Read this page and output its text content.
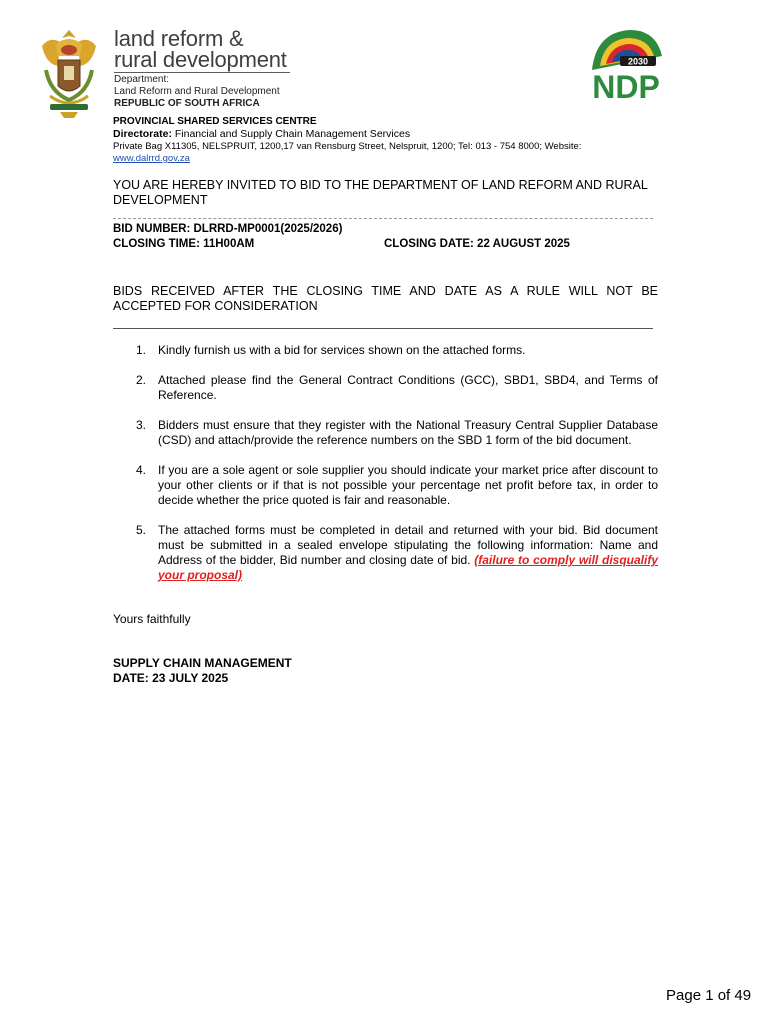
land reform &
rural development
Department:
Land Reform and Rural Development
REPUBLIC OF SOUTH AFRICA
2030
NDP
PROVINCIAL SHARED SERVICES CENTRE
Directorate: Financial and Supply Chain Management Services
Private Bag X11305, NELSPRUIT, 1200,17 van Rensburg Street, Nelspruit, 1200; Tel: 013 - 754 8000; Website:
www.dalrrd.gov.za
YOU ARE HEREBY INVITED TO BID TO THE DEPARTMENT OF LAND REFORM AND RURAL DEVELOPMENT
BID NUMBER: DLRRD-MP0001(2025/2026)
CLOSING TIME: 11H00AM	CLOSING DATE: 22 AUGUST 2025
BIDS RECEIVED AFTER THE CLOSING TIME AND DATE AS A RULE WILL NOT BE ACCEPTED FOR CONSIDERATION
1. Kindly furnish us with a bid for services shown on the attached forms.
2. Attached please find the General Contract Conditions (GCC), SBD1, SBD4, and Terms of Reference.
3. Bidders must ensure that they register with the National Treasury Central Supplier Database (CSD) and attach/provide the reference numbers on the SBD 1 form of the bid document.
4. If you are a sole agent or sole supplier you should indicate your market price after discount to your other clients or if that is not possible your percentage net profit before tax, in order to decide whether the price quoted is fair and reasonable.
5. The attached forms must be completed in detail and returned with your bid. Bid document must be submitted in a sealed envelope stipulating the following information: Name and Address of the bidder, Bid number and closing date of bid. (failure to comply will disqualify your proposal)
Yours faithfully
SUPPLY CHAIN MANAGEMENT
DATE: 23 JULY 2025
Page 1 of 49
